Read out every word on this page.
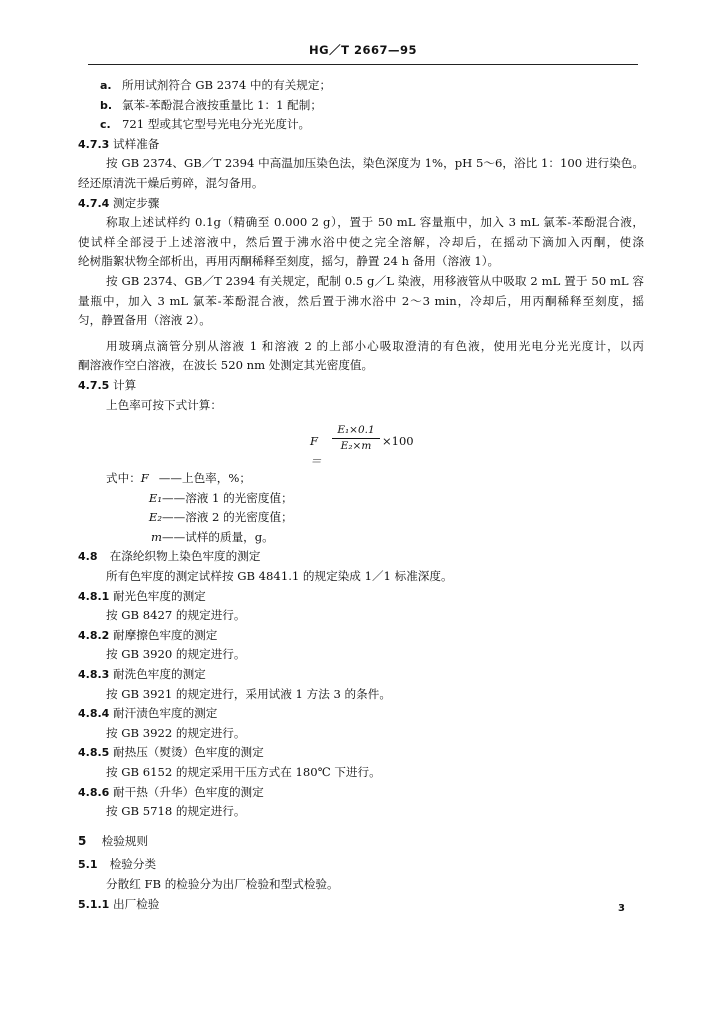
HG／T 2667—95
a. 所用试剂符合 GB 2374 中的有关规定；
b. 氯苯-苯酚混合液按重量比 1：1 配制；
c. 721 型或其它型号光电分光光度计。
4.7.3 试样准备
按 GB 2374、GB／T 2394 中高温加压染色法，染色深度为 1%，pH 5～6，浴比 1：100 进行染色。
经还原清洗干燥后剪碎，混匀备用。
4.7.4 测定步骤
称取上述试样约 0.1g（精确至 0.000 2 g），置于 50 mL 容量瓶中，加入 3 mL 氯苯-苯酚混合液，
使试样全部浸于上述溶液中，然后置于沸水浴中使之完全溶解，冷却后，在摇动下滴加入丙酮，使涤
纶树脂絮状物全部析出，再用丙酮稀释至刻度，摇匀，静置 24 h 备用（溶液 1）。
按 GB 2374、GB／T 2394 有关规定，配制 0.5 g／L 染液，用移液管从中吸取 2 mL 置于 50 mL 容
量瓶中，加入 3 mL 氯苯-苯酚混合液，然后置于沸水浴中 2～3 min，冷却后，用丙酮稀释至刻度，摇
匀，静置备用（溶液 2）。
用玻璃点滴管分别从溶液 1 和溶液 2 的上部小心吸取澄清的有色液，使用光电分光光度计，以丙
酮溶液作空白溶液，在波长 520 nm 处测定其光密度值。
4.7.5 计算
上色率可按下式计算：
F＝
$\frac{\text{E₁×0.1}}{\text{E₂×m}} \times 100$
式中：F ——上色率，%；
E₁——溶液 1 的光密度值；
E₂——溶液 2 的光密度值；
m——试样的质量，g。
4.8 在涤纶织物上染色牢度的测定
所有色牢度的测定试样按 GB 4841.1 的规定染成 1／1 标准深度。
4.8.1 耐光色牢度的测定
按 GB 8427 的规定进行。
4.8.2 耐摩擦色牢度的测定
按 GB 3920 的规定进行。
4.8.3 耐洗色牢度的测定
按 GB 3921 的规定进行，采用试液 1 方法 3 的条件。
4.8.4 耐汗渍色牢度的测定
按 GB 3922 的规定进行。
4.8.5 耐热压（熨烫）色牢度的测定
按 GB 6152 的规定采用干压方式在 180℃ 下进行。
4.8.6 耐干热（升华）色牢度的测定
按 GB 5718 的规定进行。
5 检验规则
5.1 检验分类
分散红 FB 的检验分为出厂检验和型式检验。
5.1.1 出厂检验	3
